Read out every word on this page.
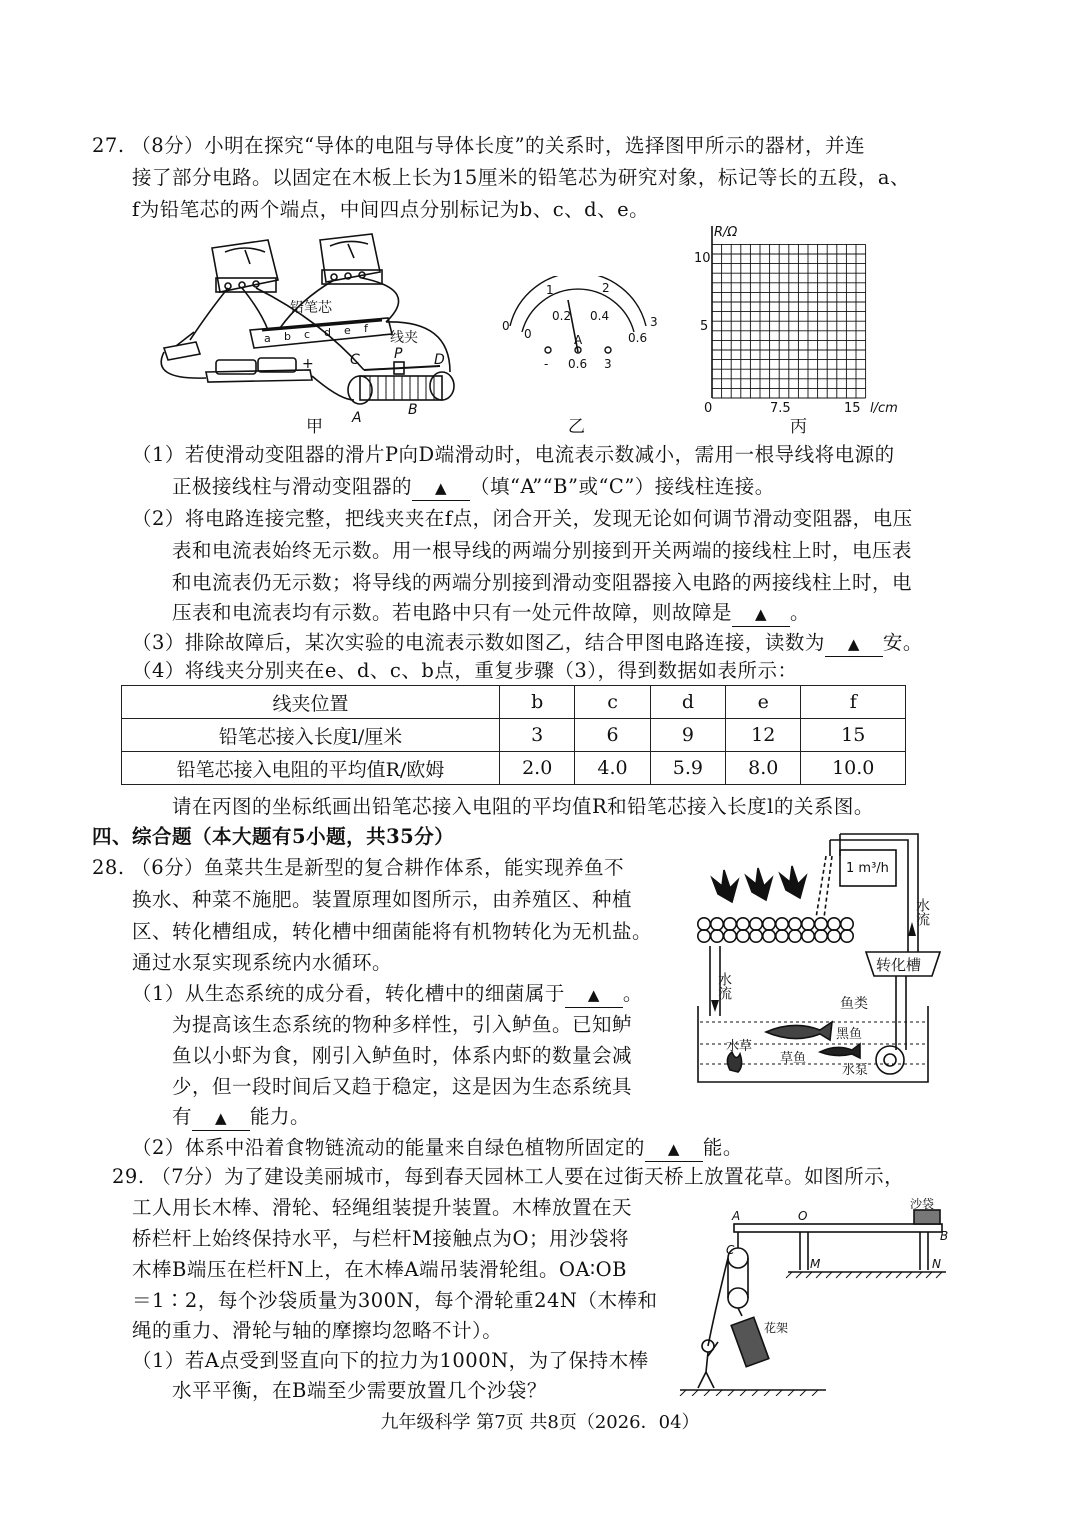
27. （8分）小明在探究“导体的电阻与导体长度”的关系时，选择图甲所示的器材，并连
接了部分电路。以固定在木板上长为15厘米的铅笔芯为研究对象，标记等长的五段，a、
f为铅笔芯的两个端点，中间四点分别标记为b、c、d、e。
铅笔芯
线夹
a b c d e f
C P D
A	B
+
甲
0
1	2
3
0
0.2 0.4
0.6
A
- 0.6 3
乙
R/Ω
10
5
0	7.5	15 l/cm
丙
（1）若使滑动变阻器的滑片P向D端滑动时，电流表示数减小，需用一根导线将电源的
正极接线柱与滑动变阻器的 ▲ （填“A”“B”或“C”）接线柱连接。
（2）将电路连接完整，把线夹夹在f点，闭合开关，发现无论如何调节滑动变阻器，电压
表和电流表始终无示数。用一根导线的两端分别接到开关两端的接线柱上时，电压表
和电流表仍无示数；将导线的两端分别接到滑动变阻器接入电路的两接线柱上时，电
压表和电流表均有示数。若电路中只有一处元件故障，则故障是 ▲ 。
（3）排除故障后，某次实验的电流表示数如图乙，结合甲图电路连接，读数为 ▲ 安。
（4）将线夹分别夹在e、d、c、b点，重复步骤（3），得到数据如表所示：
线夹位置	b	c	d	e	f
铅笔芯接入长度l/厘米	3	6	9	12	15
铅笔芯接入电阻的平均值R/欧姆	2.0	4.0	5.9	8.0	10.0
请在丙图的坐标纸画出铅笔芯接入电阻的平均值R和铅笔芯接入长度l的关系图。
四、综合题（本大题有5小题，共35分）
28. （6分）鱼菜共生是新型的复合耕作体系，能实现养鱼不
换水、种菜不施肥。装置原理如图所示，由养殖区、种植
区、转化槽组成，转化槽中细菌能将有机物转化为无机盐。
通过水泵实现系统内水循环。
（1）从生态系统的成分看，转化槽中的细菌属于 ▲ 。
为提高该生态系统的物种多样性，引入鲈鱼。已知鲈
鱼以小虾为食，刚引入鲈鱼时，体系内虾的数量会减
少，但一段时间后又趋于稳定，这是因为生态系统具
有 ▲ 能力。
（2）体系中沿着食物链流动的能量来自绿色植物所固定的 ▲ 能。
1 m³/h
水流
水流
转化槽
鱼类
黑鱼
水草
草鱼
水泵
29. （7分）为了建设美丽城市，每到春天园林工人要在过街天桥上放置花草。如图所示，
工人用长木棒、滑轮、轻绳组装提升装置。木棒放置在天
桥栏杆上始终保持水平，与栏杆M接触点为O；用沙袋将
木棒B端压在栏杆N上，在木棒A端吊装滑轮组。OA∶OB
＝1∶2，每个沙袋质量为300N，每个滑轮重24N（木棒和
绳的重力、滑轮与轴的摩擦均忽略不计）。
（1）若A点受到竖直向下的拉力为1000N，为了保持木棒
水平平衡，在B端至少需要放置几个沙袋？
A	O
B
C
M	N
沙袋
花架
九年级科学 第7页 共8页（2026．04）
